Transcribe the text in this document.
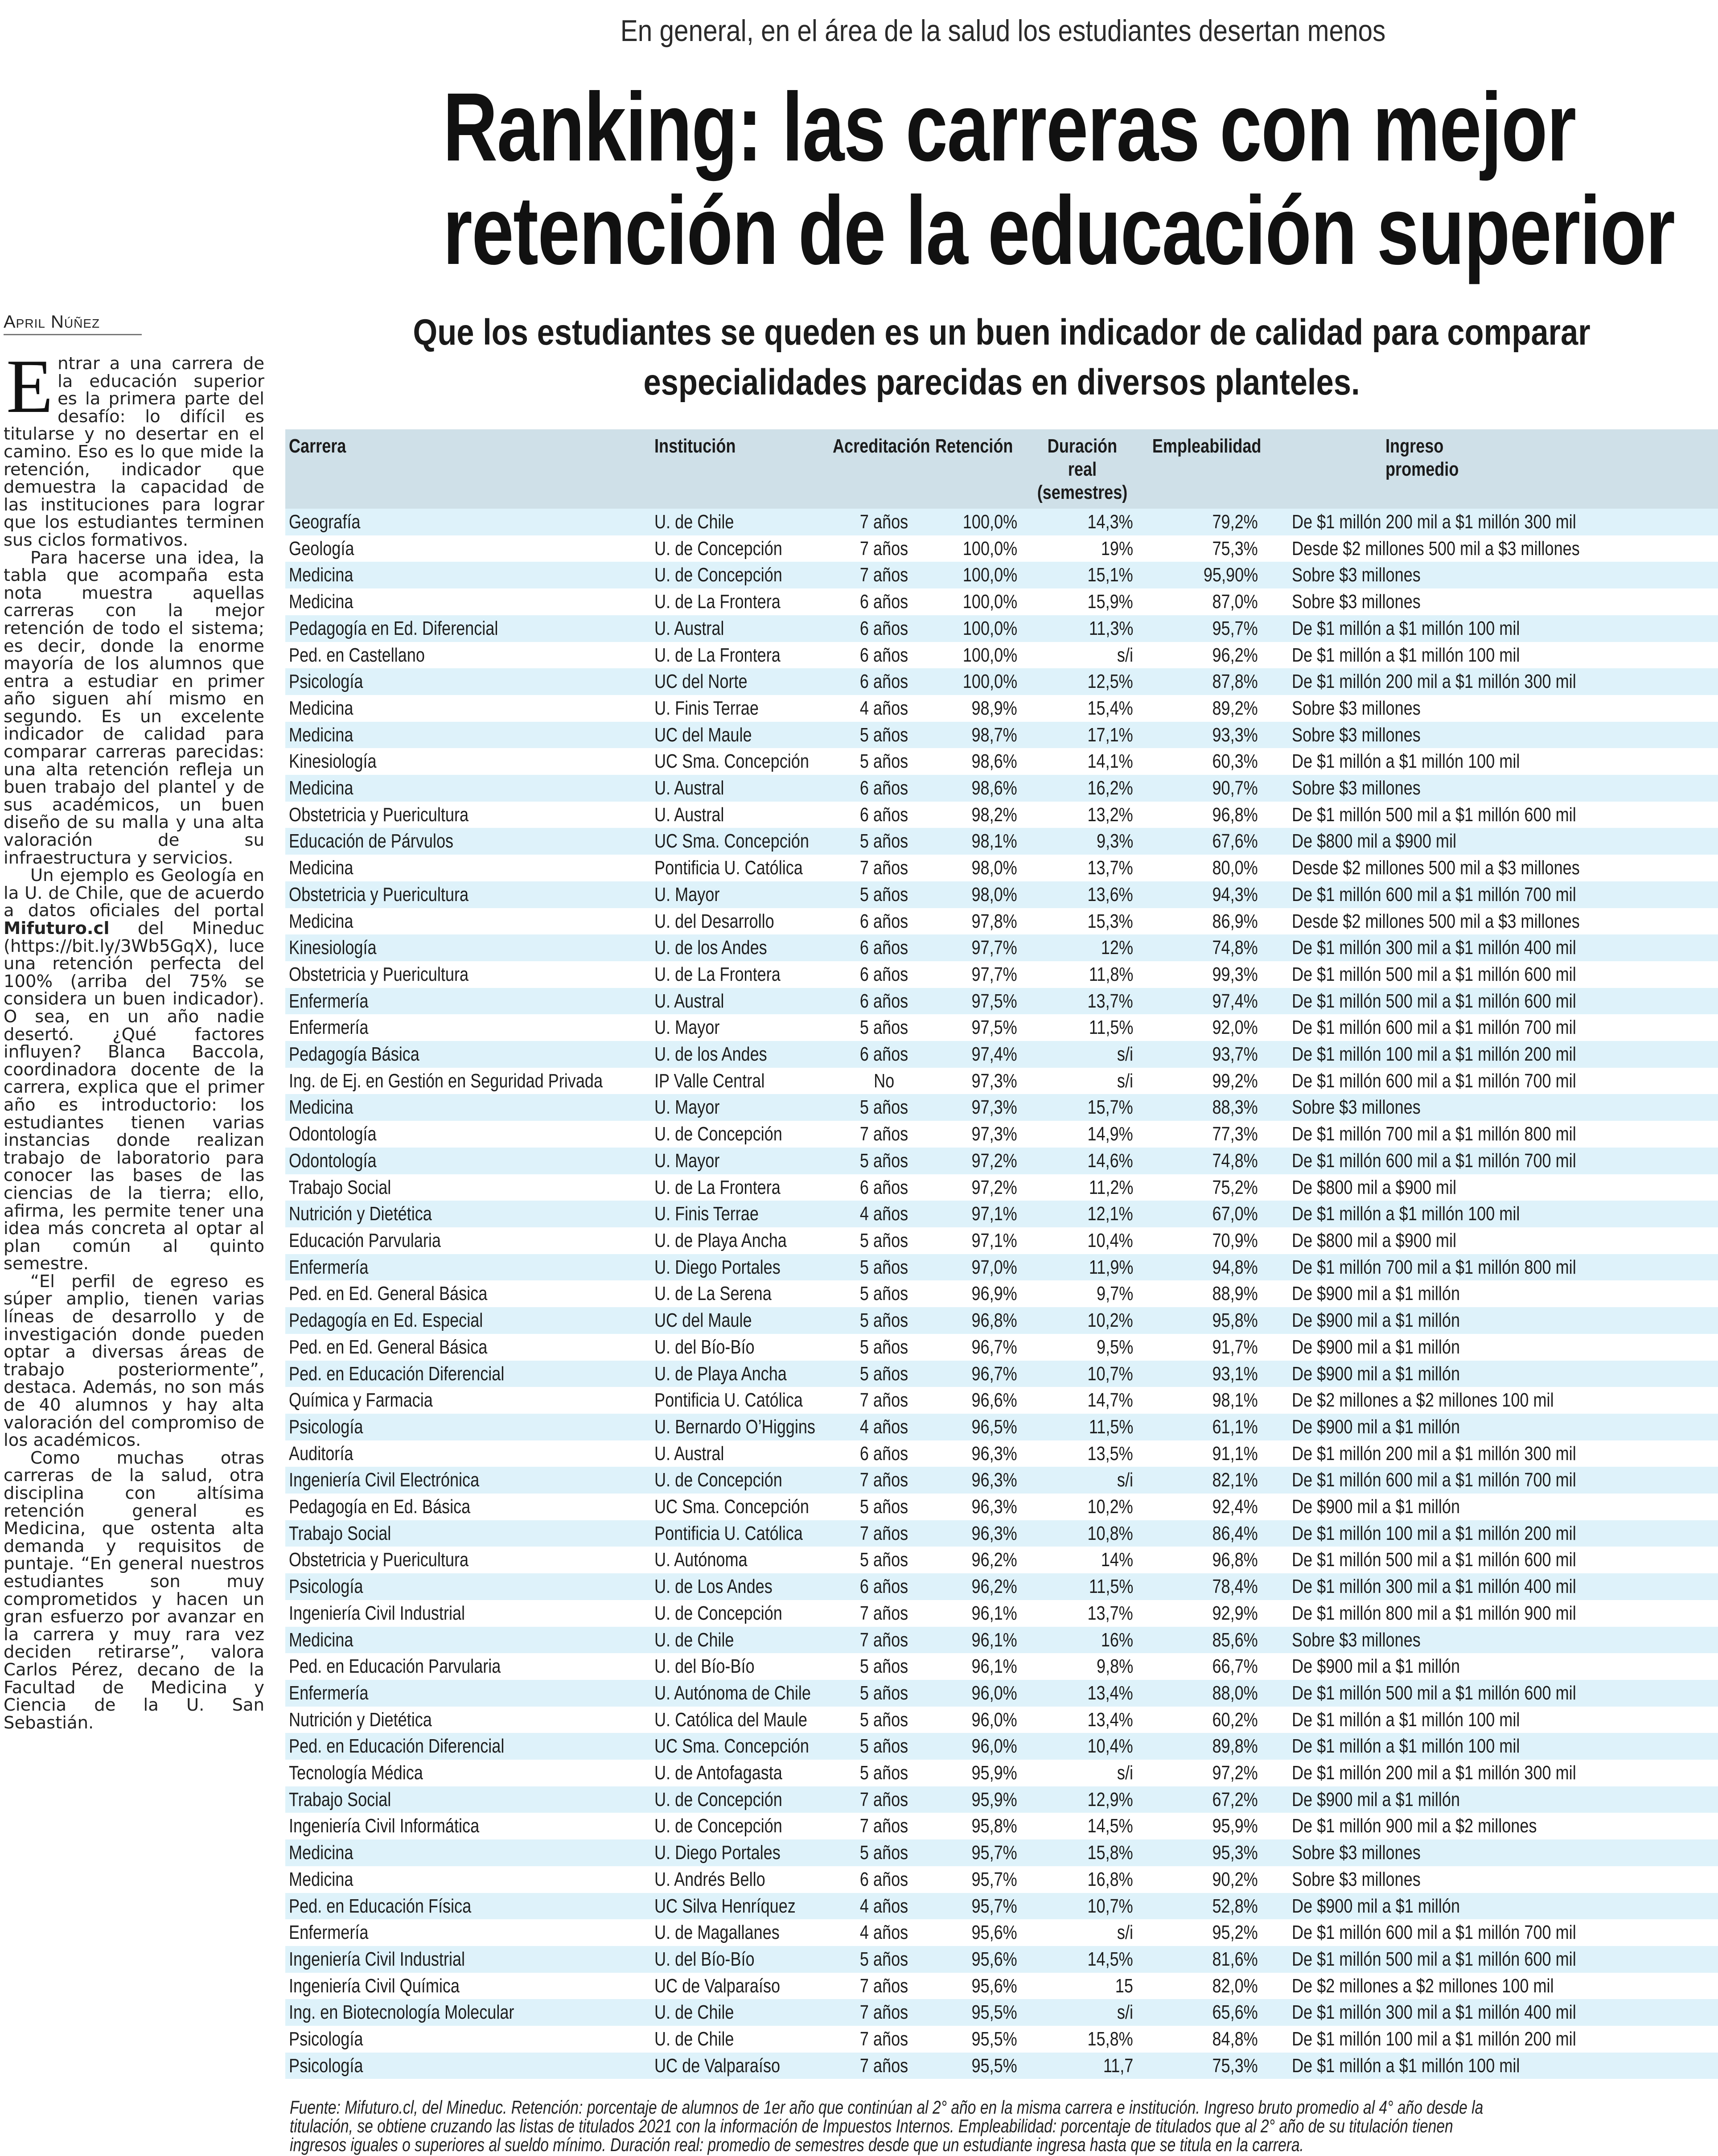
En general, en el área de la salud los estudiantes desertan menos
Ranking: las carreras con mejor
retención de la educación superior
Que los estudiantes se queden es un buen indicador de calidad para comparar
especialidades parecidas en diversos planteles.
April Núñez

Entrar a una carrera de la educación superior es la primera parte del desafío: lo difícil es titularse y no desertar en el camino. Eso es lo que mide la retención, indicador que demuestra la capacidad de las instituciones para lograr que los estudiantes terminen sus ciclos formativos.

Para hacerse una idea, la tabla que acompaña esta nota muestra aquellas carreras con la mejor retención de todo el sistema; es decir, donde la enorme mayoría de los alumnos que entra a estudiar en primer año siguen ahí mismo en segundo. Es un excelente indicador de calidad para comparar carreras parecidas: una alta retención refleja un buen trabajo del plantel y de sus académicos, un buen diseño de su malla y una alta valoración de su infraestructura y servicios.

Un ejemplo es Geología en la U. de Chile, que de acuerdo a datos oficiales del portal Mifuturo.cl del Mineduc (https://bit.ly/3Wb5GqX), luce una retención perfecta del 100% (arriba del 75% se considera un buen indicador). O sea, en un año nadie desertó. ¿Qué factores influyen? Blanca Baccola, coordinadora docente de la carrera, explica que el primer año es introductorio: los estudiantes tienen varias instancias donde realizan trabajo de laboratorio para conocer las bases de las ciencias de la tierra; ello, afirma, les permite tener una idea más concreta al optar al plan común al quinto semestre.

“El perfil de egreso es súper amplio, tienen varias líneas de desarrollo y de investigación donde pueden optar a diversas áreas de trabajo posteriormente”, destaca. Además, no son más de 40 alumnos y hay alta valoración del compromiso de los académicos.

Como muchas otras carreras de la salud, otra disciplina con altísima retención general es Medicina, que ostenta alta demanda y requisitos de puntaje. “En general nuestros estudiantes son muy comprometidos y hacen un gran esfuerzo por avanzar en la carrera y muy rara vez deciden retirarse”, valora Carlos Pérez, decano de la Facultad de Medicina y Ciencia de la U. San Sebastián.

Carrera	Institución	Acreditación	Retención	Duración
real (semestres)	Empleabilidad	Ingreso
promedio
Geografía	U. de Chile	7 años	100,0%	14,3%	79,2%	De $1 millón 200 mil a $1 millón 300 mil
Geología	U. de Concepción	7 años	100,0%	19%	75,3%	Desde $2 millones 500 mil a $3 millones
Medicina	U. de Concepción	7 años	100,0%	15,1%	95,90%	Sobre $3 millones
Medicina	U. de La Frontera	6 años	100,0%	15,9%	87,0%	Sobre $3 millones
Pedagogía en Ed. Diferencial	U. Austral	6 años	100,0%	11,3%	95,7%	De $1 millón a $1 millón 100 mil
Ped. en Castellano	U. de La Frontera	6 años	100,0%	s/i	96,2%	De $1 millón a $1 millón 100 mil
Psicología	UC del Norte	6 años	100,0%	12,5%	87,8%	De $1 millón 200 mil a $1 millón 300 mil
Medicina	U. Finis Terrae	4 años	98,9%	15,4%	89,2%	Sobre $3 millones
Medicina	UC del Maule	5 años	98,7%	17,1%	93,3%	Sobre $3 millones
Kinesiología	UC Sma. Concepción	5 años	98,6%	14,1%	60,3%	De $1 millón a $1 millón 100 mil
Medicina	U. Austral	6 años	98,6%	16,2%	90,7%	Sobre $3 millones
Obstetricia y Puericultura	U. Austral	6 años	98,2%	13,2%	96,8%	De $1 millón 500 mil a $1 millón 600 mil
Educación de Párvulos	UC Sma. Concepción	5 años	98,1%	9,3%	67,6%	De $800 mil a $900 mil
Medicina	Pontificia U. Católica	7 años	98,0%	13,7%	80,0%	Desde $2 millones 500 mil a $3 millones
Obstetricia y Puericultura	U. Mayor	5 años	98,0%	13,6%	94,3%	De $1 millón 600 mil a $1 millón 700 mil
Medicina	U. del Desarrollo	6 años	97,8%	15,3%	86,9%	Desde $2 millones 500 mil a $3 millones
Kinesiología	U. de los Andes	6 años	97,7%	12%	74,8%	De $1 millón 300 mil a $1 millón 400 mil
Obstetricia y Puericultura	U. de La Frontera	6 años	97,7%	11,8%	99,3%	De $1 millón 500 mil a $1 millón 600 mil
Enfermería	U. Austral	6 años	97,5%	13,7%	97,4%	De $1 millón 500 mil a $1 millón 600 mil
Enfermería	U. Mayor	5 años	97,5%	11,5%	92,0%	De $1 millón 600 mil a $1 millón 700 mil
Pedagogía Básica	U. de los Andes	6 años	97,4%	s/i	93,7%	De $1 millón 100 mil a $1 millón 200 mil
Ing. de Ej. en Gestión en Seguridad Privada	IP Valle Central	No	97,3%	s/i	99,2%	De $1 millón 600 mil a $1 millón 700 mil
Medicina	U. Mayor	5 años	97,3%	15,7%	88,3%	Sobre $3 millones
Odontología	U. de Concepción	7 años	97,3%	14,9%	77,3%	De $1 millón 700 mil a $1 millón 800 mil
Odontología	U. Mayor	5 años	97,2%	14,6%	74,8%	De $1 millón 600 mil a $1 millón 700 mil
Trabajo Social	U. de La Frontera	6 años	97,2%	11,2%	75,2%	De $800 mil a $900 mil
Nutrición y Dietética	U. Finis Terrae	4 años	97,1%	12,1%	67,0%	De $1 millón a $1 millón 100 mil
Educación Parvularia	U. de Playa Ancha	5 años	97,1%	10,4%	70,9%	De $800 mil a $900 mil
Enfermería	U. Diego Portales	5 años	97,0%	11,9%	94,8%	De $1 millón 700 mil a $1 millón 800 mil
Ped. en Ed. General Básica	U. de La Serena	5 años	96,9%	9,7%	88,9%	De $900 mil a $1 millón
Pedagogía en Ed. Especial	UC del Maule	5 años	96,8%	10,2%	95,8%	De $900 mil a $1 millón
Ped. en Ed. General Básica	U. del Bío-Bío	5 años	96,7%	9,5%	91,7%	De $900 mil a $1 millón
Ped. en Educación Diferencial	U. de Playa Ancha	5 años	96,7%	10,7%	93,1%	De $900 mil a $1 millón
Química y Farmacia	Pontificia U. Católica	7 años	96,6%	14,7%	98,1%	De $2 millones a $2 millones 100 mil
Psicología	U. Bernardo O’Higgins	4 años	96,5%	11,5%	61,1%	De $900 mil a $1 millón
Auditoría	U. Austral	6 años	96,3%	13,5%	91,1%	De $1 millón 200 mil a $1 millón 300 mil
Ingeniería Civil Electrónica	U. de Concepción	7 años	96,3%	s/i	82,1%	De $1 millón 600 mil a $1 millón 700 mil
Pedagogía en Ed. Básica	UC Sma. Concepción	5 años	96,3%	10,2%	92,4%	De $900 mil a $1 millón
Trabajo Social	Pontificia U. Católica	7 años	96,3%	10,8%	86,4%	De $1 millón 100 mil a $1 millón 200 mil
Obstetricia y Puericultura	U. Autónoma	5 años	96,2%	14%	96,8%	De $1 millón 500 mil a $1 millón 600 mil
Psicología	U. de Los Andes	6 años	96,2%	11,5%	78,4%	De $1 millón 300 mil a $1 millón 400 mil
Ingeniería Civil Industrial	U. de Concepción	7 años	96,1%	13,7%	92,9%	De $1 millón 800 mil a $1 millón 900 mil
Medicina	U. de Chile	7 años	96,1%	16%	85,6%	Sobre $3 millones
Ped. en Educación Parvularia	U. del Bío-Bío	5 años	96,1%	9,8%	66,7%	De $900 mil a $1 millón
Enfermería	U. Autónoma de Chile	5 años	96,0%	13,4%	88,0%	De $1 millón 500 mil a $1 millón 600 mil
Nutrición y Dietética	U. Católica del Maule	5 años	96,0%	13,4%	60,2%	De $1 millón a $1 millón 100 mil
Ped. en Educación Diferencial	UC Sma. Concepción	5 años	96,0%	10,4%	89,8%	De $1 millón a $1 millón 100 mil
Tecnología Médica	U. de Antofagasta	5 años	95,9%	s/i	97,2%	De $1 millón 200 mil a $1 millón 300 mil
Trabajo Social	U. de Concepción	7 años	95,9%	12,9%	67,2%	De $900 mil a $1 millón
Ingeniería Civil Informática	U. de Concepción	7 años	95,8%	14,5%	95,9%	De $1 millón 900 mil a $2 millones
Medicina	U. Diego Portales	5 años	95,7%	15,8%	95,3%	Sobre $3 millones
Medicina	U. Andrés Bello	6 años	95,7%	16,8%	90,2%	Sobre $3 millones
Ped. en Educación Física	UC Silva Henríquez	4 años	95,7%	10,7%	52,8%	De $900 mil a $1 millón
Enfermería	U. de Magallanes	4 años	95,6%	s/i	95,2%	De $1 millón 600 mil a $1 millón 700 mil
Ingeniería Civil Industrial	U. del Bío-Bío	5 años	95,6%	14,5%	81,6%	De $1 millón 500 mil a $1 millón 600 mil
Ingeniería Civil Química	UC de Valparaíso	7 años	95,6%	15	82,0%	De $2 millones a $2 millones 100 mil
Ing. en Biotecnología Molecular	U. de Chile	7 años	95,5%	s/i	65,6%	De $1 millón 300 mil a $1 millón 400 mil
Psicología	U. de Chile	7 años	95,5%	15,8%	84,8%	De $1 millón 100 mil a $1 millón 200 mil
Psicología	UC de Valparaíso	7 años	95,5%	11,7	75,3%	De $1 millón a $1 millón 100 mil
Fuente: Mifuturo.cl, del Mineduc. Retención: porcentaje de alumnos de 1er año que continúan al 2° año en la misma carrera e institución. Ingreso bruto promedio al 4° año desde la
titulación, se obtiene cruzando las listas de titulados 2021 con la información de Impuestos Internos. Empleabilidad: porcentaje de titulados que al 2° año de su titulación tienen
ingresos iguales o superiores al sueldo mínimo. Duración real: promedio de semestres desde que un estudiante ingresa hasta que se titula en la carrera.
